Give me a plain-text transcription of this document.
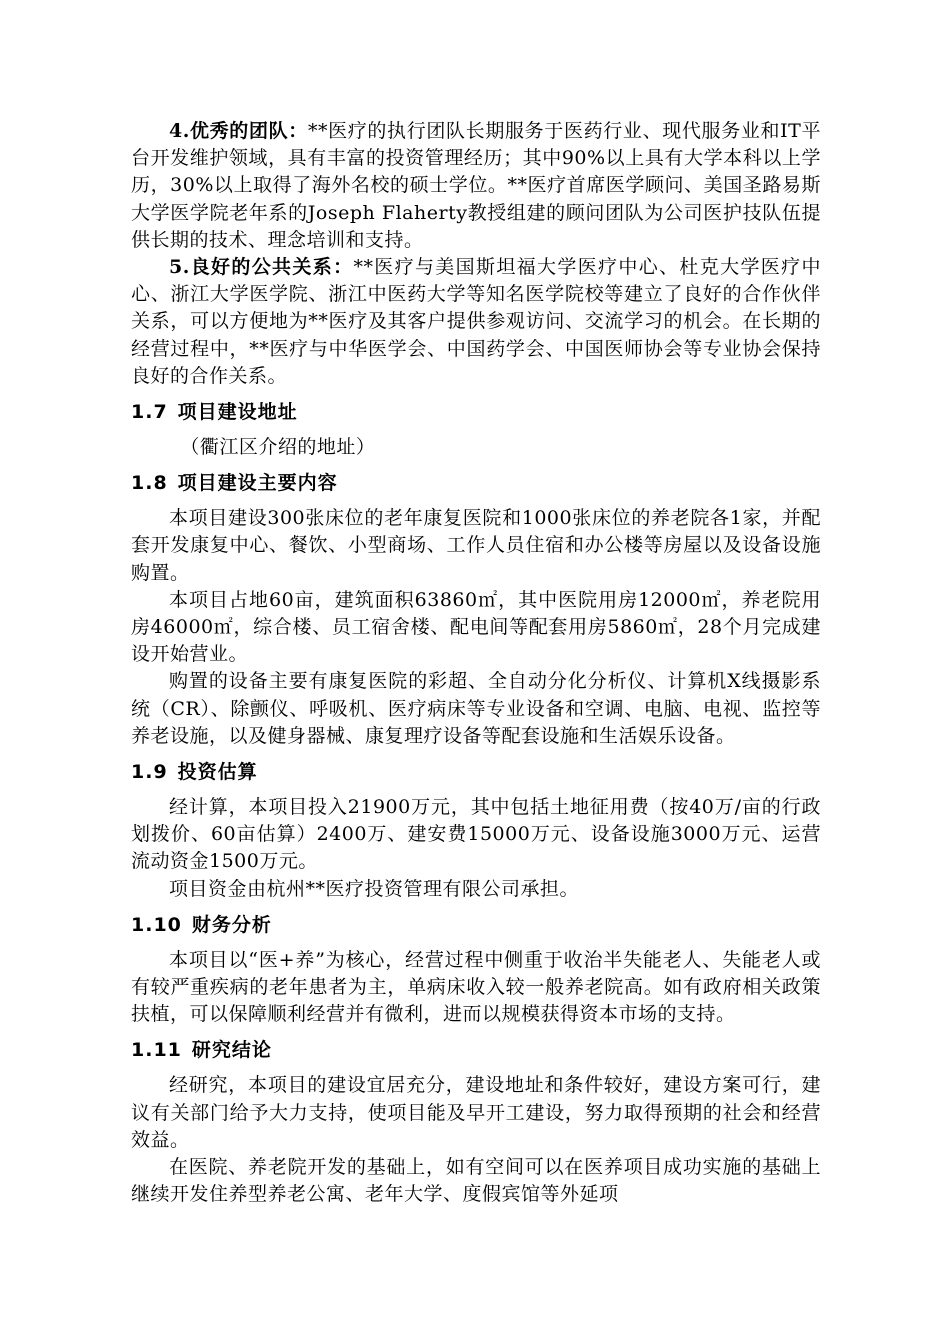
4.优秀的团队：**医疗的执行团队长期服务于医药行业、现代服务业和IT平台开发维护领域，具有丰富的投资管理经历；其中90%以上具有大学本科以上学历，30%以上取得了海外名校的硕士学位。**医疗首席医学顾问、美国圣路易斯大学医学院老年系的Joseph Flaherty教授组建的顾问团队为公司医护技队伍提供长期的技术、理念培训和支持。

5.良好的公共关系：**医疗与美国斯坦福大学医疗中心、杜克大学医疗中心、浙江大学医学院、浙江中医药大学等知名医学院校等建立了良好的合作伙伴关系，可以方便地为**医疗及其客户提供参观访问、交流学习的机会。在长期的经营过程中，**医疗与中华医学会、中国药学会、中国医师协会等专业协会保持良好的合作关系。

1.7 项目建设地址

（衢江区介绍的地址）

1.8 项目建设主要内容

本项目建设300张床位的老年康复医院和1000张床位的养老院各1家，并配套开发康复中心、餐饮、小型商场、工作人员住宿和办公楼等房屋以及设备设施购置。

本项目占地60亩，建筑面积63860㎡，其中医院用房12000㎡，养老院用房46000㎡，综合楼、员工宿舍楼、配电间等配套用房5860㎡，28个月完成建设开始营业。

购置的设备主要有康复医院的彩超、全自动分化分析仪、计算机X线摄影系统（CR）、除颤仪、呼吸机、医疗病床等专业设备和空调、电脑、电视、监控等养老设施，以及健身器械、康复理疗设备等配套设施和生活娱乐设备。

1.9 投资估算

经计算，本项目投入21900万元，其中包括土地征用费（按40万/亩的行政划拨价、60亩估算）2400万、建安费15000万元、设备设施3000万元、运营流动资金1500万元。

项目资金由杭州**医疗投资管理有限公司承担。

1.10 财务分析

本项目以“医+养”为核心，经营过程中侧重于收治半失能老人、失能老人或有较严重疾病的老年患者为主，单病床收入较一般养老院高。如有政府相关政策扶植，可以保障顺利经营并有微利，进而以规模获得资本市场的支持。

1.11 研究结论

经研究，本项目的建设宜居充分，建设地址和条件较好，建设方案可行，建议有关部门给予大力支持，使项目能及早开工建设，努力取得预期的社会和经营效益。

在医院、养老院开发的基础上，如有空间可以在医养项目成功实施的基础上继续开发住养型养老公寓、老年大学、度假宾馆等外延项
